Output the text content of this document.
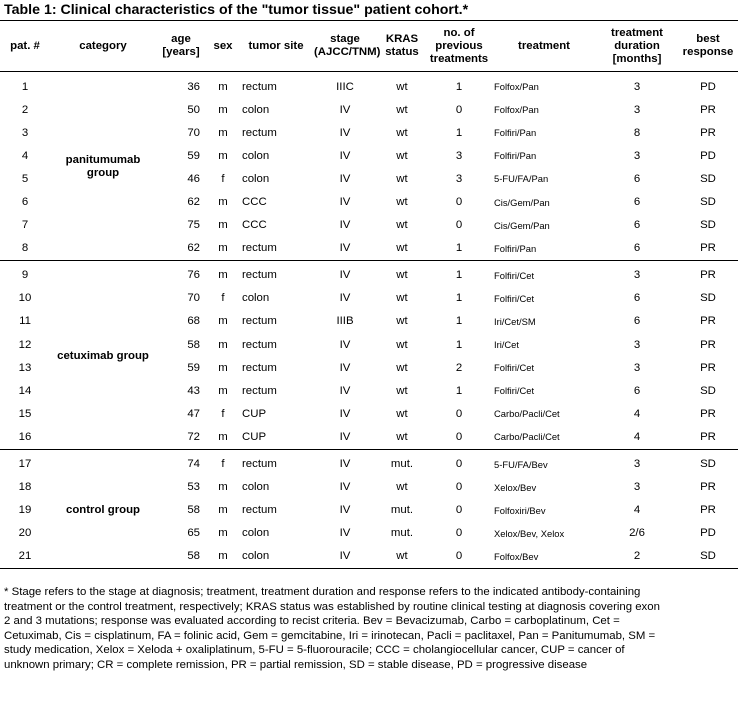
Table 1: Clinical characteristics of the "tumor tissue" patient cohort.*
pat. #	category	age [years]	sex	tumor site	stage (AJCC/TNM)	KRAS status	no. of previous treatments	treatment	treatment duration [months]	best response
1	panitumumab group	36	m	rectum	IIIC	wt	1	Folfox/Pan	3	PD
2		50	m	colon	IV	wt	0	Folfox/Pan	3	PR
3		70	m	rectum	IV	wt	1	Folfiri/Pan	8	PR
4		59	m	colon	IV	wt	3	Folfiri/Pan	3	PD
5		46	f	colon	IV	wt	3	5-FU/FA/Pan	6	SD
6		62	m	CCC	IV	wt	0	Cis/Gem/Pan	6	SD
7		75	m	CCC	IV	wt	0	Cis/Gem/Pan	6	SD
8		62	m	rectum	IV	wt	1	Folfiri/Pan	6	PR
9	cetuximab group	76	m	rectum	IV	wt	1	Folfiri/Cet	3	PR
10		70	f	colon	IV	wt	1	Folfiri/Cet	6	SD
11		68	m	rectum	IIIB	wt	1	Iri/Cet/SM	6	PR
12		58	m	rectum	IV	wt	1	Iri/Cet	3	PR
13		59	m	rectum	IV	wt	2	Folfiri/Cet	3	PR
14		43	m	rectum	IV	wt	1	Folfiri/Cet	6	SD
15		47	f	CUP	IV	wt	0	Carbo/Pacli/Cet	4	PR
16		72	m	CUP	IV	wt	0	Carbo/Pacli/Cet	4	PR
17	control group	74	f	rectum	IV	mut.	0	5-FU/FA/Bev	3	SD
18		53	m	colon	IV	wt	0	Xelox/Bev	3	PR
19		58	m	rectum	IV	mut.	0	Folfoxiri/Bev	4	PR
20		65	m	colon	IV	mut.	0	Xelox/Bev, Xelox	2/6	PD
21		58	m	colon	IV	wt	0	Folfox/Bev	2	SD
* Stage refers to the stage at diagnosis; treatment, treatment duration and response refers to the indicated antibody-containing treatment or the control treatment, respectively; KRAS status was established by routine clinical testing at diagnosis covering exon 2 and 3 mutations; response was evaluated according to recist criteria. Bev = Bevacizumab, Carbo = carboplatinum, Cet = Cetuximab, Cis = cisplatinum, FA = folinic acid, Gem = gemcitabine, Iri = irinotecan, Pacli = paclitaxel, Pan = Panitumumab, SM = study medication, Xelox = Xeloda + oxaliplatinum, 5-FU = 5-fluorouracile; CCC = cholangiocellular cancer, CUP = cancer of unknown primary; CR = complete remission, PR = partial remission, SD = stable disease, PD = progressive disease
